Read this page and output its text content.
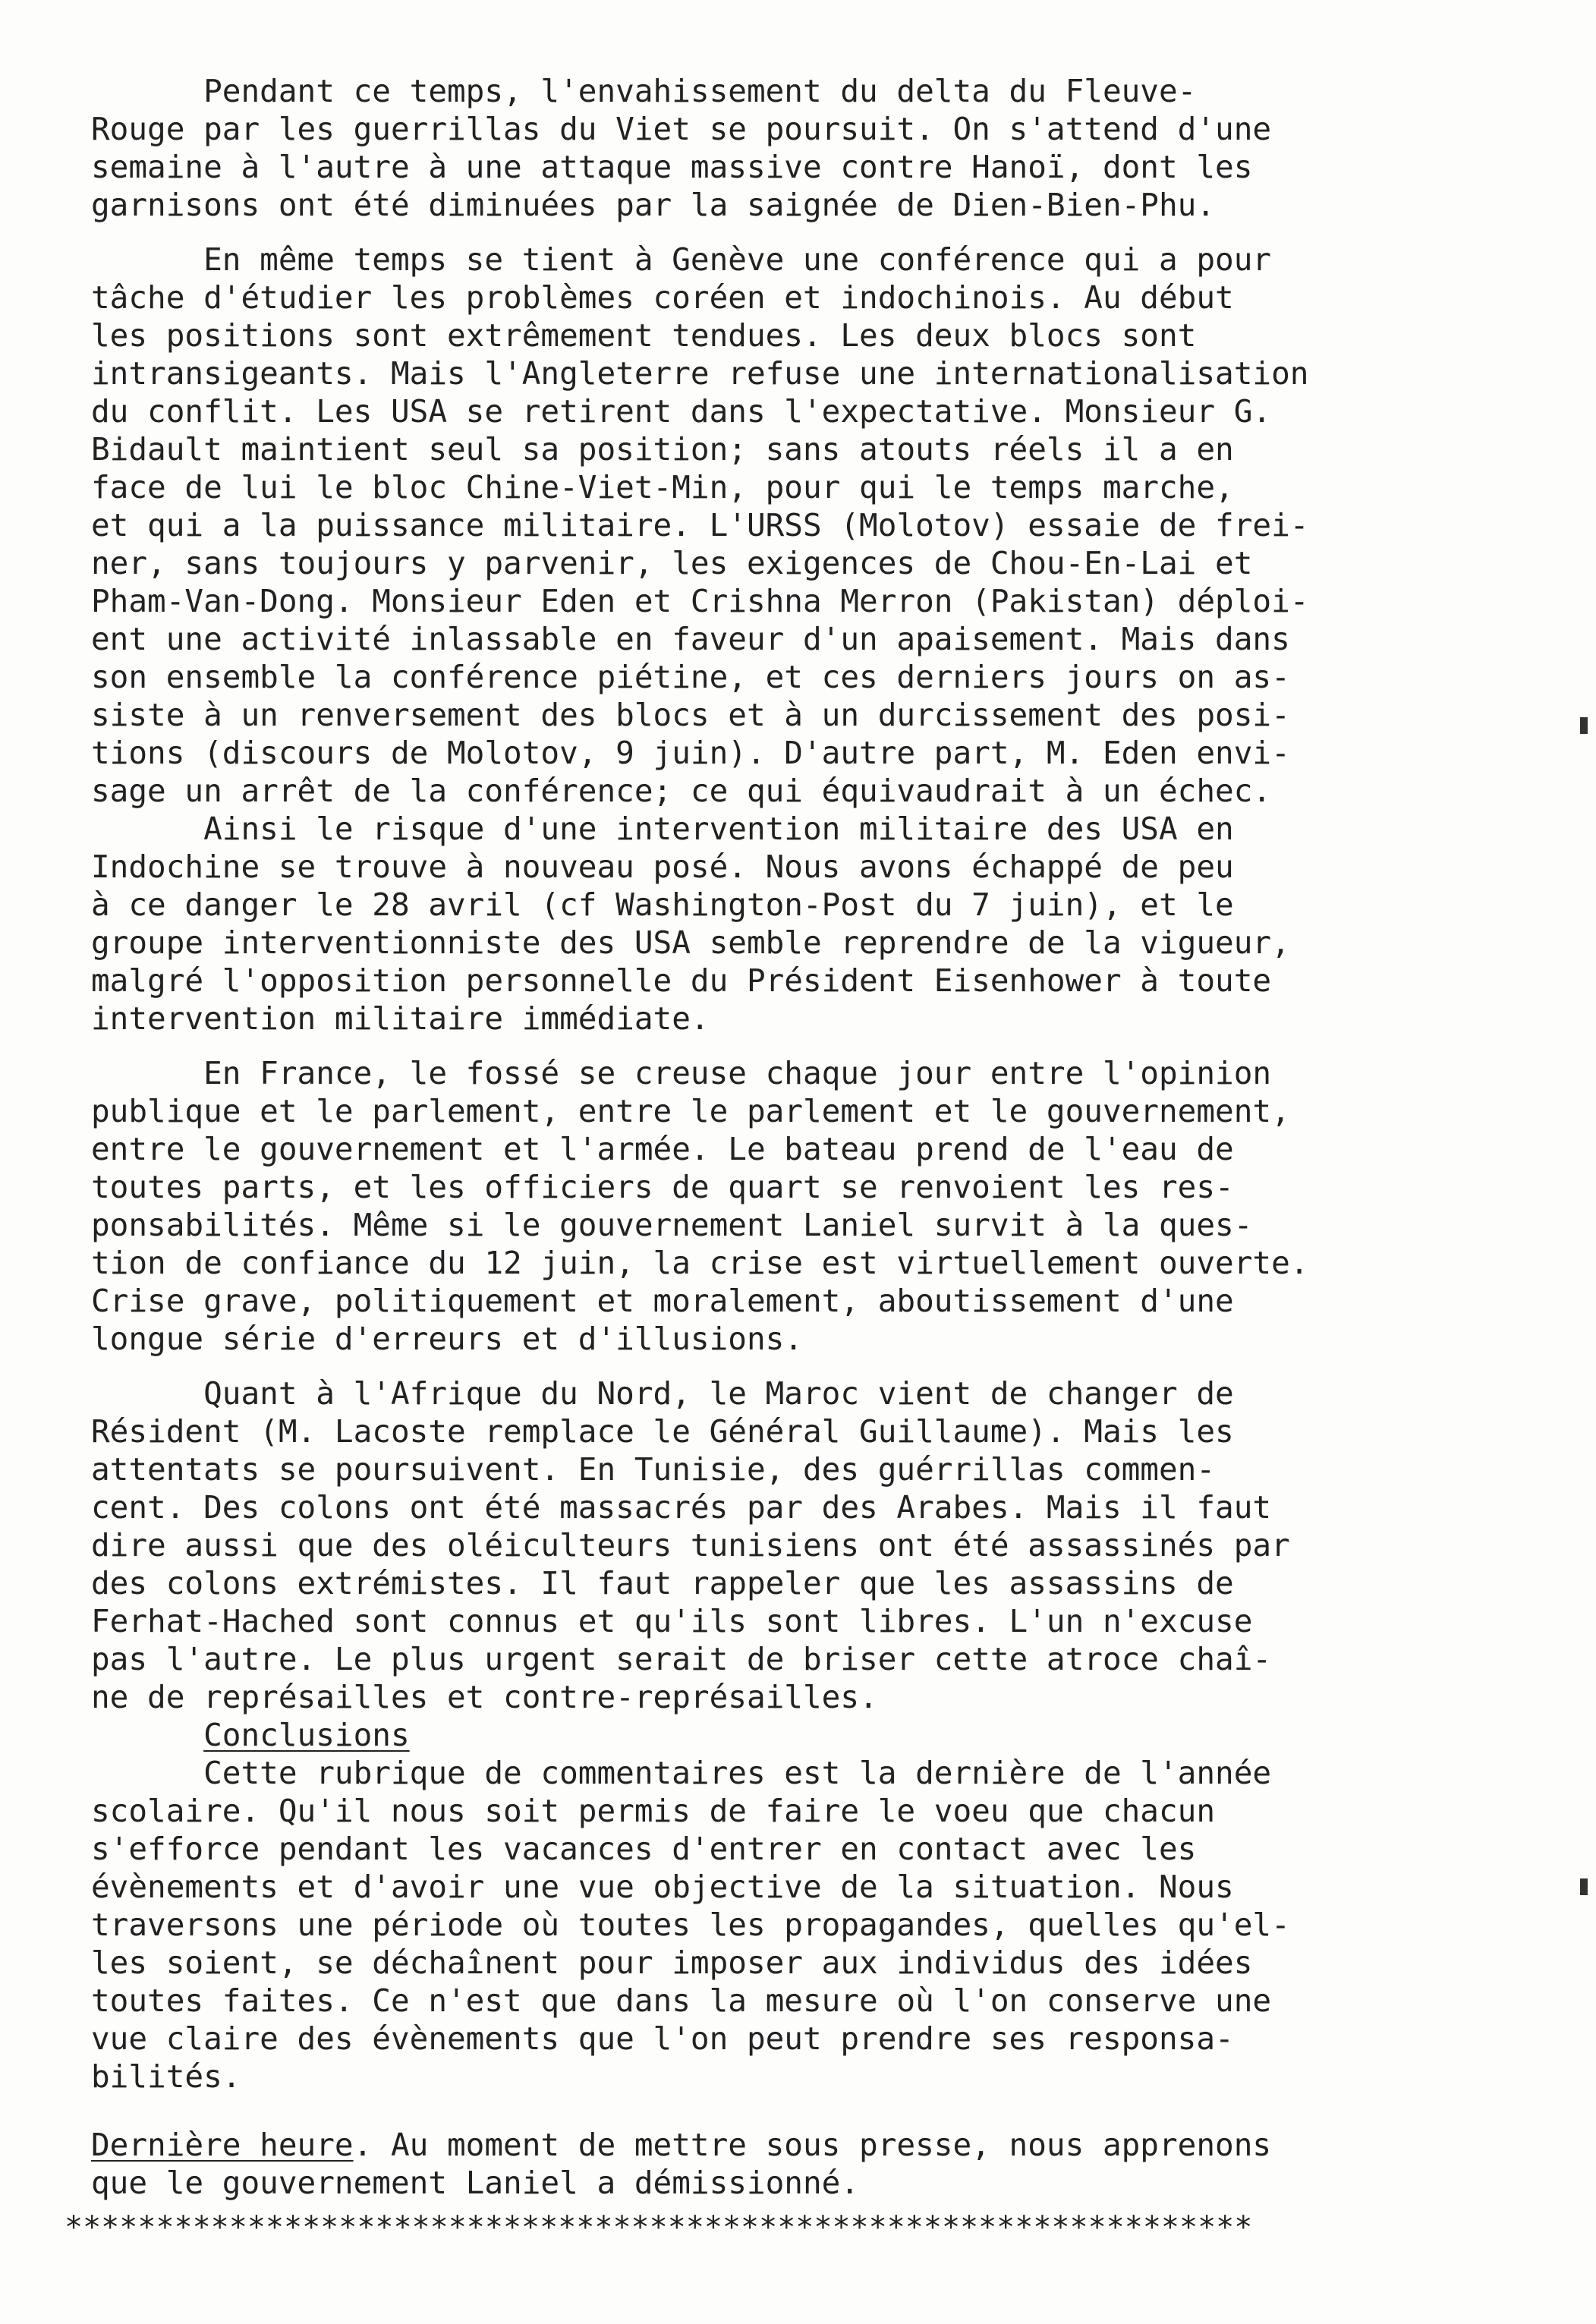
Pendant ce temps, l'envahissement du delta du Fleuve-
Rouge par les guerrillas du Viet se poursuit. On s'attend d'une
semaine à l'autre à une attaque massive contre Hanoï, dont les
garnisons ont été diminuées par la saignée de Dien-Bien-Phu.
En même temps se tient à Genève une conférence qui a pour
tâche d'étudier les problèmes coréen et indochinois. Au début
les positions sont extrêmement tendues. Les deux blocs sont
intransigeants. Mais l'Angleterre refuse une internationalisation
du conflit. Les USA se retirent dans l'expectative. Monsieur G.
Bidault maintient seul sa position; sans atouts réels il a en
face de lui le bloc Chine-Viet-Min, pour qui le temps marche,
et qui a la puissance militaire. L'URSS (Molotov) essaie de frei-
ner, sans toujours y parvenir, les exigences de Chou-En-Lai et
Pham-Van-Dong. Monsieur Eden et Crishna Merron (Pakistan) déploi-
ent une activité inlassable en faveur d'un apaisement. Mais dans
son ensemble la conférence piétine, et ces derniers jours on as-
siste à un renversement des blocs et à un durcissement des posi-
tions (discours de Molotov, 9 juin). D'autre part, M. Eden envi-
sage un arrêt de la conférence; ce qui équivaudrait à un échec.
Ainsi le risque d'une intervention militaire des USA en
Indochine se trouve à nouveau posé. Nous avons échappé de peu
à ce danger le 28 avril (cf Washington-Post du 7 juin), et le
groupe interventionniste des USA semble reprendre de la vigueur,
malgré l'opposition personnelle du Président Eisenhower à toute
intervention militaire immédiate.
En France, le fossé se creuse chaque jour entre l'opinion
publique et le parlement, entre le parlement et le gouvernement,
entre le gouvernement et l'armée. Le bateau prend de l'eau de
toutes parts, et les officiers de quart se renvoient les res-
ponsabilités. Même si le gouvernement Laniel survit à la ques-
tion de confiance du 12 juin, la crise est virtuellement ouverte.
Crise grave, politiquement et moralement, aboutissement d'une
longue série d'erreurs et d'illusions.
Quant à l'Afrique du Nord, le Maroc vient de changer de
Résident (M. Lacoste remplace le Général Guillaume). Mais les
attentats se poursuivent. En Tunisie, des guérrillas commen-
cent. Des colons ont été massacrés par des Arabes. Mais il faut
dire aussi que des oléiculteurs tunisiens ont été assassinés par
des colons extrémistes. Il faut rappeler que les assassins de
Ferhat-Hached sont connus et qu'ils sont libres. L'un n'excuse
pas l'autre. Le plus urgent serait de briser cette atroce chaî-
ne de représailles et contre-représailles.
Conclusions
Cette rubrique de commentaires est la dernière de l'année
scolaire. Qu'il nous soit permis de faire le voeu que chacun
s'efforce pendant les vacances d'entrer en contact avec les
évènements et d'avoir une vue objective de la situation. Nous
traversons une période où toutes les propagandes, quelles qu'el-
les soient, se déchaînent pour imposer aux individus des idées
toutes faites. Ce n'est que dans la mesure où l'on conserve une
vue claire des évènements que l'on peut prendre ses responsa-
bilités.
Dernière heure. Au moment de mettre sous presse, nous apprenons
que le gouvernement Laniel a démissionné.
*****************************************************************
